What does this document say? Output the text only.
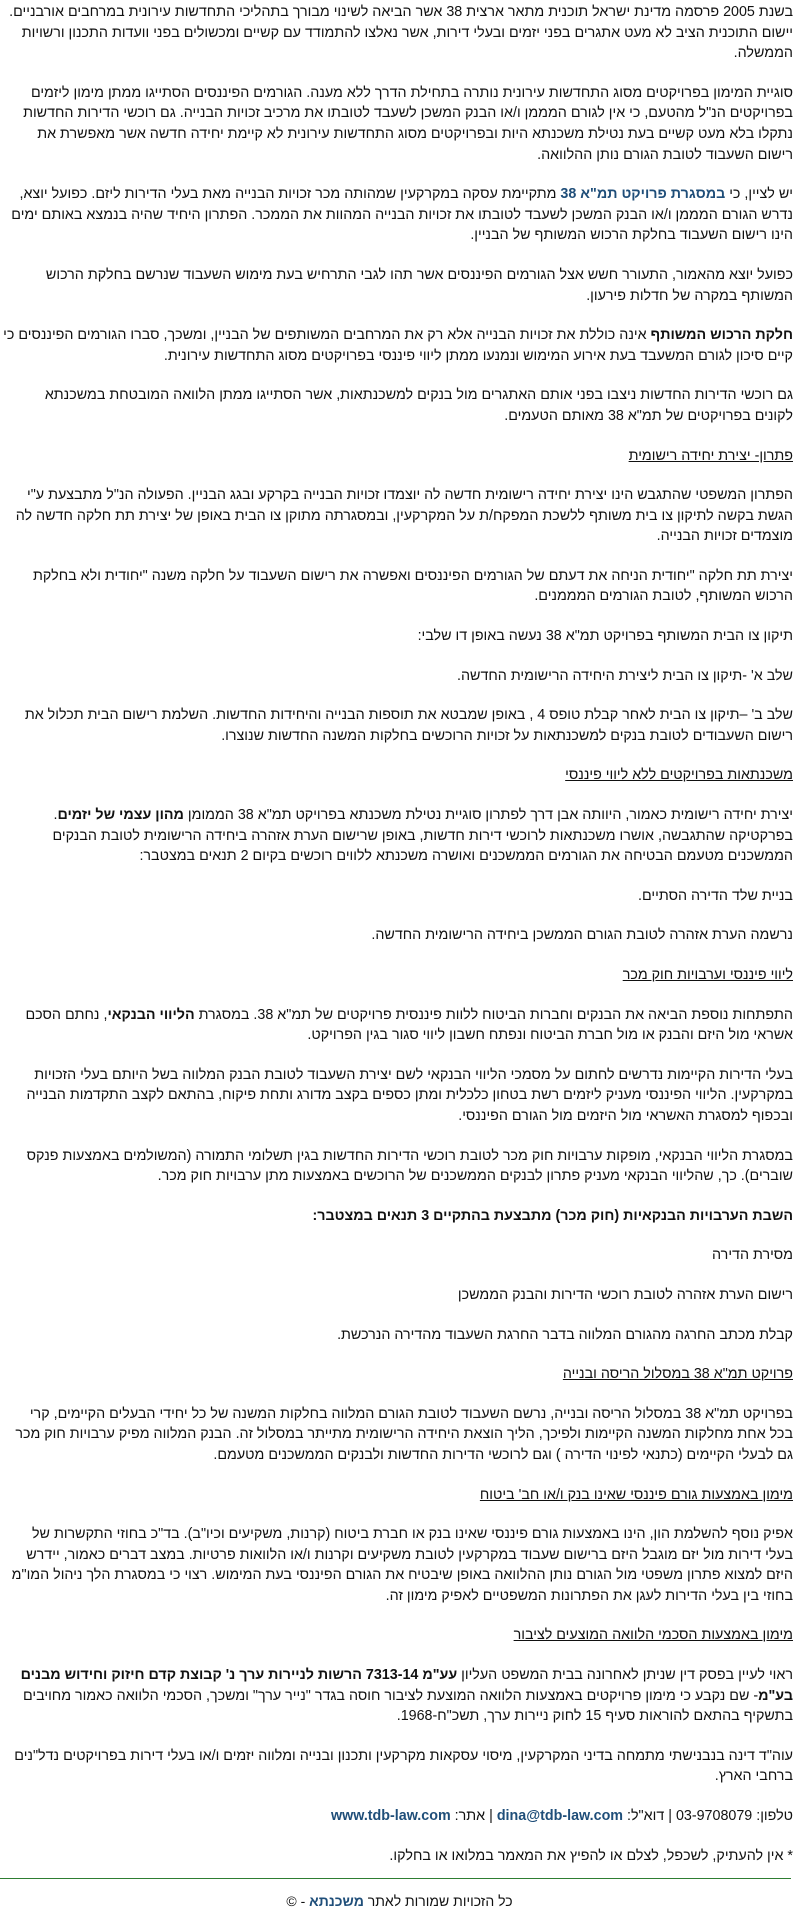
בשנת 2005 פרסמה מדינת ישראל תוכנית מתאר ארצית 38 אשר הביאה לשינוי מבורך בתהליכי התחדשות עירונית במרחבים אורבניים. יישום התוכנית הציב לא מעט אתגרים בפני יזמים ובעלי דירות, אשר נאלצו להתמודד עם קשיים ומכשולים בפני וועדות התכנון ורשויות הממשלה.

סוגיית המימון בפרויקטים מסוג התחדשות עירונית נותרה בתחילת הדרך ללא מענה. הגורמים הפיננסים הסתייגו ממתן מימון ליזמים בפרויקטים הנ"ל מהטעם, כי אין לגורם המממן ו/או הבנק המשכן לשעבד לטובתו את מרכיב זכויות הבנייה. גם רוכשי הדירות החדשות נתקלו בלא מעט קשיים בעת נטילת משכנתא היות ובפרויקטים מסוג התחדשות עירונית לא קיימת יחידה חדשה אשר מאפשרת את רישום השעבוד לטובת הגורם נותן ההלוואה.

יש לציין, כי במסגרת פרויקט תמ"א 38 מתקיימת עסקה במקרקעין שמהותה מכר זכויות הבנייה מאת בעלי הדירות ליזם. כפועל יוצא, נדרש הגורם המממן ו/או הבנק המשכן לשעבד לטובתו את זכויות הבנייה המהוות את הממכר. הפתרון היחיד שהיה בנמצא באותם ימים הינו רישום השעבוד בחלקת הרכוש המשותף של הבניין.

כפועל יוצא מהאמור, התעורר חשש אצל הגורמים הפיננסים אשר תהו לגבי התרחיש בעת מימוש השעבוד שנרשם בחלקת הרכוש המשותף במקרה של חדלות פירעון.

חלקת הרכוש המשותף אינה כוללת את זכויות הבנייה אלא רק את המרחבים המשותפים של הבניין, ומשכך, סברו הגורמים הפיננסים כי קיים סיכון לגורם המשעבד בעת אירוע המימוש ונמנעו ממתן ליווי פיננסי בפרויקטים מסוג התחדשות עירונית.

גם רוכשי הדירות החדשות ניצבו בפני אותם האתגרים מול בנקים למשכנתאות, אשר הסתייגו ממתן הלוואה המובטחת במשכנתא לקונים בפרויקטים של תמ"א 38 מאותם הטעמים.

פתרון- יצירת יחידה רישומית

הפתרון המשפטי שהתגבש הינו יצירת יחידה רישומית חדשה לה יוצמדו זכויות הבנייה בקרקע ובגג הבניין. הפעולה הנ"ל מתבצעת ע"י הגשת בקשה לתיקון צו בית משותף ללשכת המפקח/ת על המקרקעין, ובמסגרתה מתוקן צו הבית באופן של יצירת תת חלקה חדשה לה מוצמדים זכויות הבנייה.

יצירת תת חלקה "יחודית הניחה את דעתם של הגורמים הפיננסים ואפשרה את רישום השעבוד על חלקה משנה "יחודית ולא בחלקת הרכוש המשותף, לטובת הגורמים המממנים.

תיקון צו הבית המשותף בפרויקט תמ"א 38 נעשה באופן דו שלבי:

שלב א' -תיקון צו הבית ליצירת היחידה הרישומית החדשה.

שלב ב' –תיקון צו הבית לאחר קבלת טופס 4 , באופן שמבטא את תוספות הבנייה והיחידות החדשות. השלמת רישום הבית תכלול את רישום השעבודים לטובת בנקים למשכנתאות על זכויות הרוכשים בחלקות המשנה החדשות שנוצרו.

משכנתאות בפרויקטים ללא ליווי פיננסי

יצירת יחידה רישומית כאמור, היוותה אבן דרך לפתרון סוגיית נטילת משכנתא בפרויקט תמ"א 38 הממומן מהון עצמי של יזמים. בפרקטיקה שהתגבשה, אושרו משכנתאות לרוכשי דירות חדשות, באופן שרישום הערת אזהרה ביחידה הרישומית לטובת הבנקים הממשכנים מטעמם הבטיחה את הגורמים הממשכנים ואושרה משכנתא ללווים רוכשים בקיום 2 תנאים במצטבר:

בניית שלד הדירה הסתיים.

נרשמה הערת אזהרה לטובת הגורם הממשכן ביחידה הרישומית החדשה.

ליווי פיננסי וערבויות חוק מכר

התפתחות נוספת הביאה את הבנקים וחברות הביטוח ללוות פיננסית פרויקטים של תמ"א 38. במסגרת הליווי הבנקאי, נחתם הסכם אשראי מול היזם והבנק או מול חברת הביטוח ונפתח חשבון ליווי סגור בגין הפרויקט.

בעלי הדירות הקיימות נדרשים לחתום על מסמכי הליווי הבנקאי לשם יצירת השעבוד לטובת הבנק המלווה בשל היותם בעלי הזכויות במקרקעין. הליווי הפיננסי מעניק ליזמים רשת בטחון כלכלית ומתן כספים בקצב מדורג ותחת פיקוח, בהתאם לקצב התקדמות הבנייה ובכפוף למסגרת האשראי מול היזמים מול הגורם הפיננסי.

במסגרת הליווי הבנקאי, מופקות ערבויות חוק מכר לטובת רוכשי הדירות החדשות בגין תשלומי התמורה (המשולמים באמצעות פנקס שוברים). כך, שהליווי הבנקאי מעניק פתרון לבנקים הממשכנים של הרוכשים באמצעות מתן ערבויות חוק מכר.

השבת הערבויות הבנקאיות (חוק מכר) מתבצעת בהתקיים 3 תנאים במצטבר:

מסירת הדירה

רישום הערת אזהרה לטובת רוכשי הדירות והבנק הממשכן

קבלת מכתב החרגה מהגורם המלווה בדבר החרגת השעבוד מהדירה הנרכשת.

פרויקט תמ"א 38 במסלול הריסה ובנייה

בפרויקט תמ"א 38 במסלול הריסה ובנייה, נרשם השעבוד לטובת הגורם המלווה בחלקות המשנה של כל יחידי הבעלים הקיימים, קרי בכל אחת מחלקות המשנה הקיימות ולפיכך, הליך הוצאת היחידה הרישומית מתייתר במסלול זה. הבנק המלווה מפיק ערבויות חוק מכר גם לבעלי הקיימים (כתנאי לפינוי הדירה ) וגם לרוכשי הדירות החדשות ולבנקים הממשכנים מטעמם.

מימון באמצעות גורם פיננסי שאינו בנק ו/או חב' ביטוח

אפיק נוסף להשלמת הון, הינו באמצעות גורם פיננסי שאינו בנק או חברת ביטוח (קרנות, משקיעים וכיו"ב). בד"כ בחוזי התקשרות של בעלי דירות מול יזם מוגבל היזם ברישום שעבוד במקרקעין לטובת משקיעים וקרנות ו/או הלוואות פרטיות. במצב דברים כאמור, יידרש היזם למצוא פתרון משפטי מול הגורם נותן ההלוואה באופן שיבטיח את הגורם הפיננסי בעת המימוש. רצוי כי במסגרת הלך ניהול המו"מ בחוזי בין בעלי הדירות לעגן את הפתרונות המשפטיים לאפיק מימון זה.

מימון באמצעות הסכמי הלוואה המוצעים לציבור

ראוי לעיין בפסק דין שניתן לאחרונה בבית המשפט העליון עע"מ 7313-14 הרשות לניירות ערך נ' קבוצת קדם חיזוק וחידוש מבנים בע"מ- שם נקבע כי מימון פרויקטים באמצעות הלוואה המוצעת לציבור חוסה בגדר "נייר ערך" ומשכך, הסכמי הלוואה כאמור מחויבים בתשקיף בהתאם להוראות סעיף 15 לחוק ניירות ערך, תשכ"ח-1968.

עוה"ד דינה בנבנישתי מתמחה בדיני המקרקעין, מיסוי עסקאות מקרקעין ותכנון ובנייה ומלווה יזמים ו/או בעלי דירות בפרויקטים נדל"נים ברחבי הארץ.

טלפון: 03-9708079 | דוא"ל: dina@tdb-law.com | אתר: www.tdb-law.com

* אין להעתיק, לשכפל, לצלם או להפיץ את המאמר במלואו או בחלקו.

כל הזכויות שמורות לאתר משכנתא - ©
